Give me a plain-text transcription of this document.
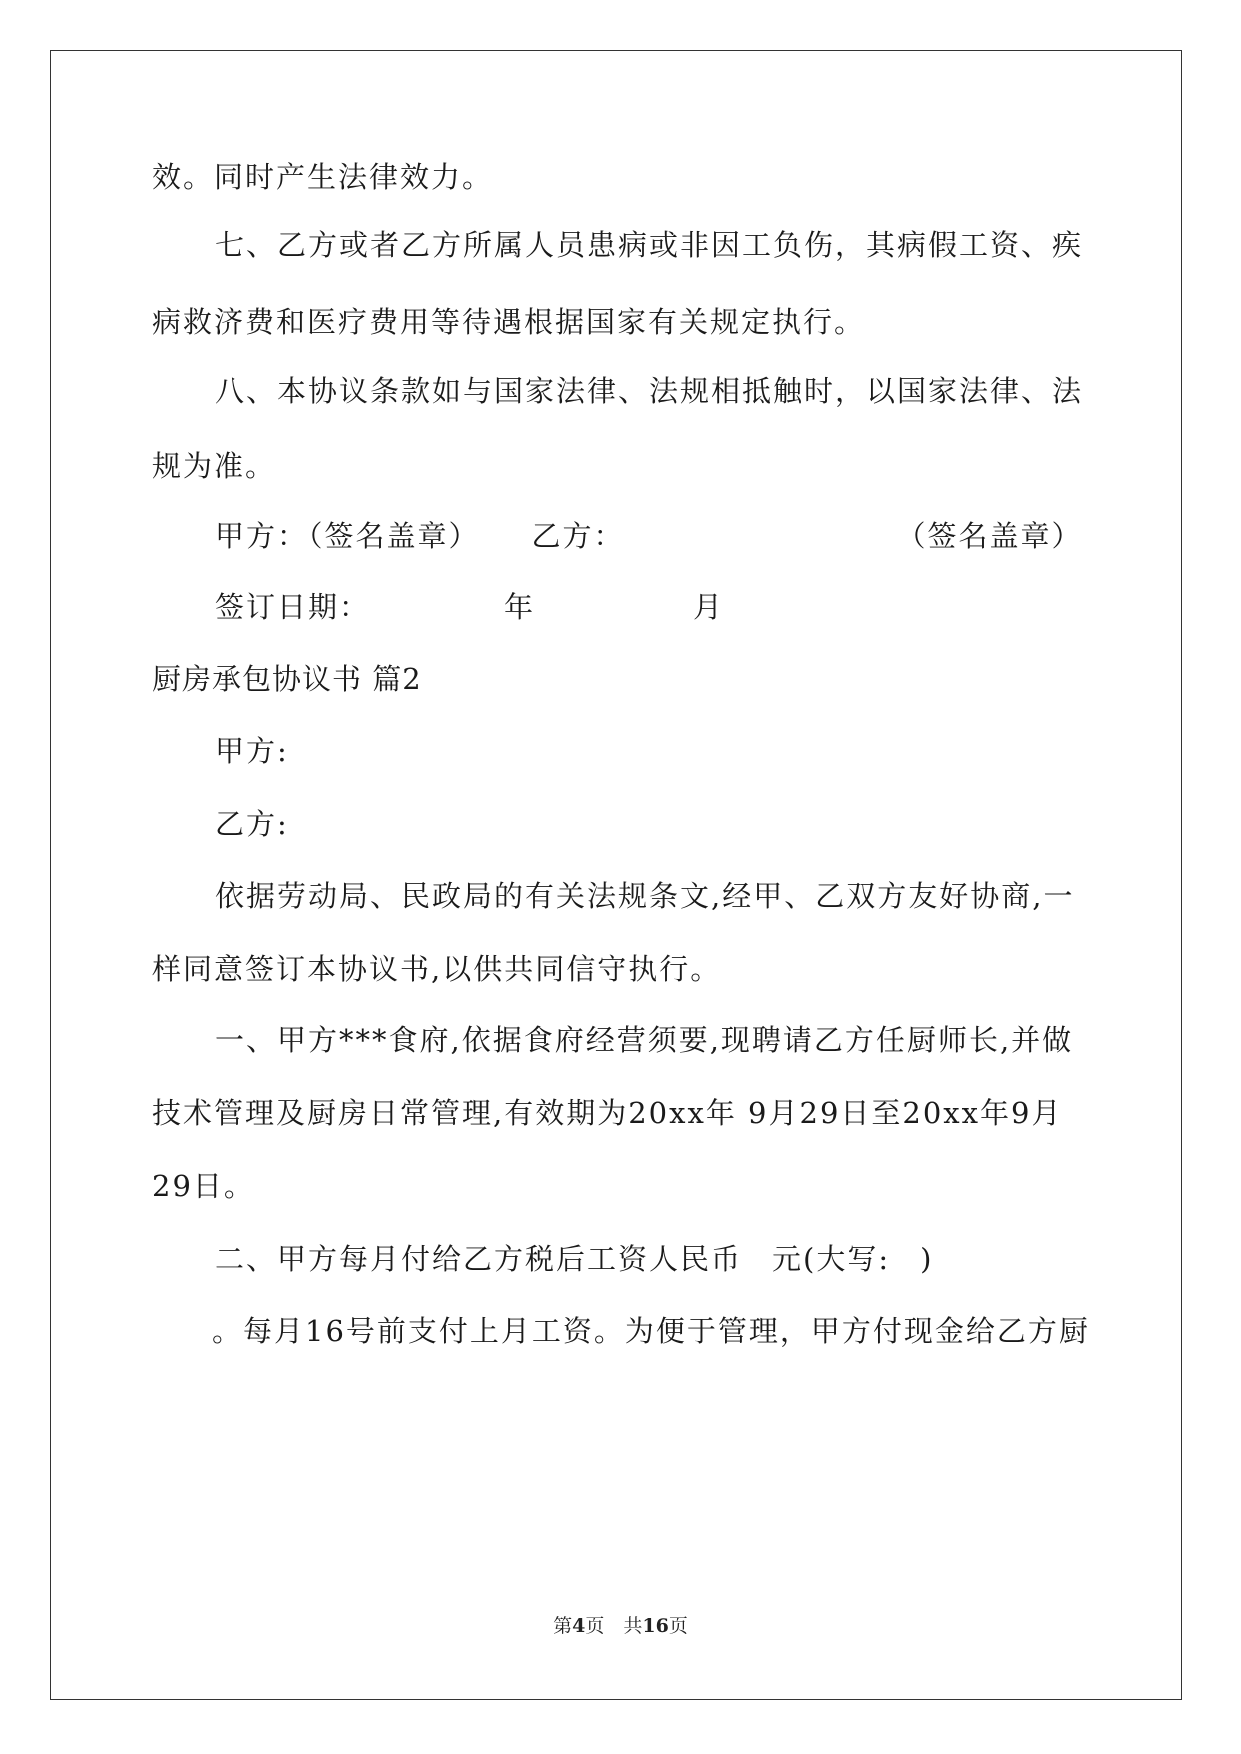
效。同时产生法律效力。
七、乙方或者乙方所属人员患病或非因工负伤，其病假工资、疾
病救济费和医疗费用等待遇根据国家有关规定执行。
八、本协议条款如与国家法律、法规相抵触时，以国家法律、法
规为准。
甲方：（签名盖章） 乙方：	（签名盖章）
签订日期：	年	月
厨房承包协议书 篇2
甲方:
乙方:
依据劳动局、民政局的有关法规条文,经甲、乙双方友好协商,一
样同意签订本协议书,以供共同信守执行。
一、甲方***食府,依据食府经营须要,现聘请乙方任厨师长,并做
技术管理及厨房日常管理,有效期为20xx年 9月29日至20xx年9月
29日。
二、甲方每月付给乙方税后工资人民币 元(大写: )
。每月16号前支付上月工资。为便于管理，甲方付现金给乙方厨
第4页　共16页
